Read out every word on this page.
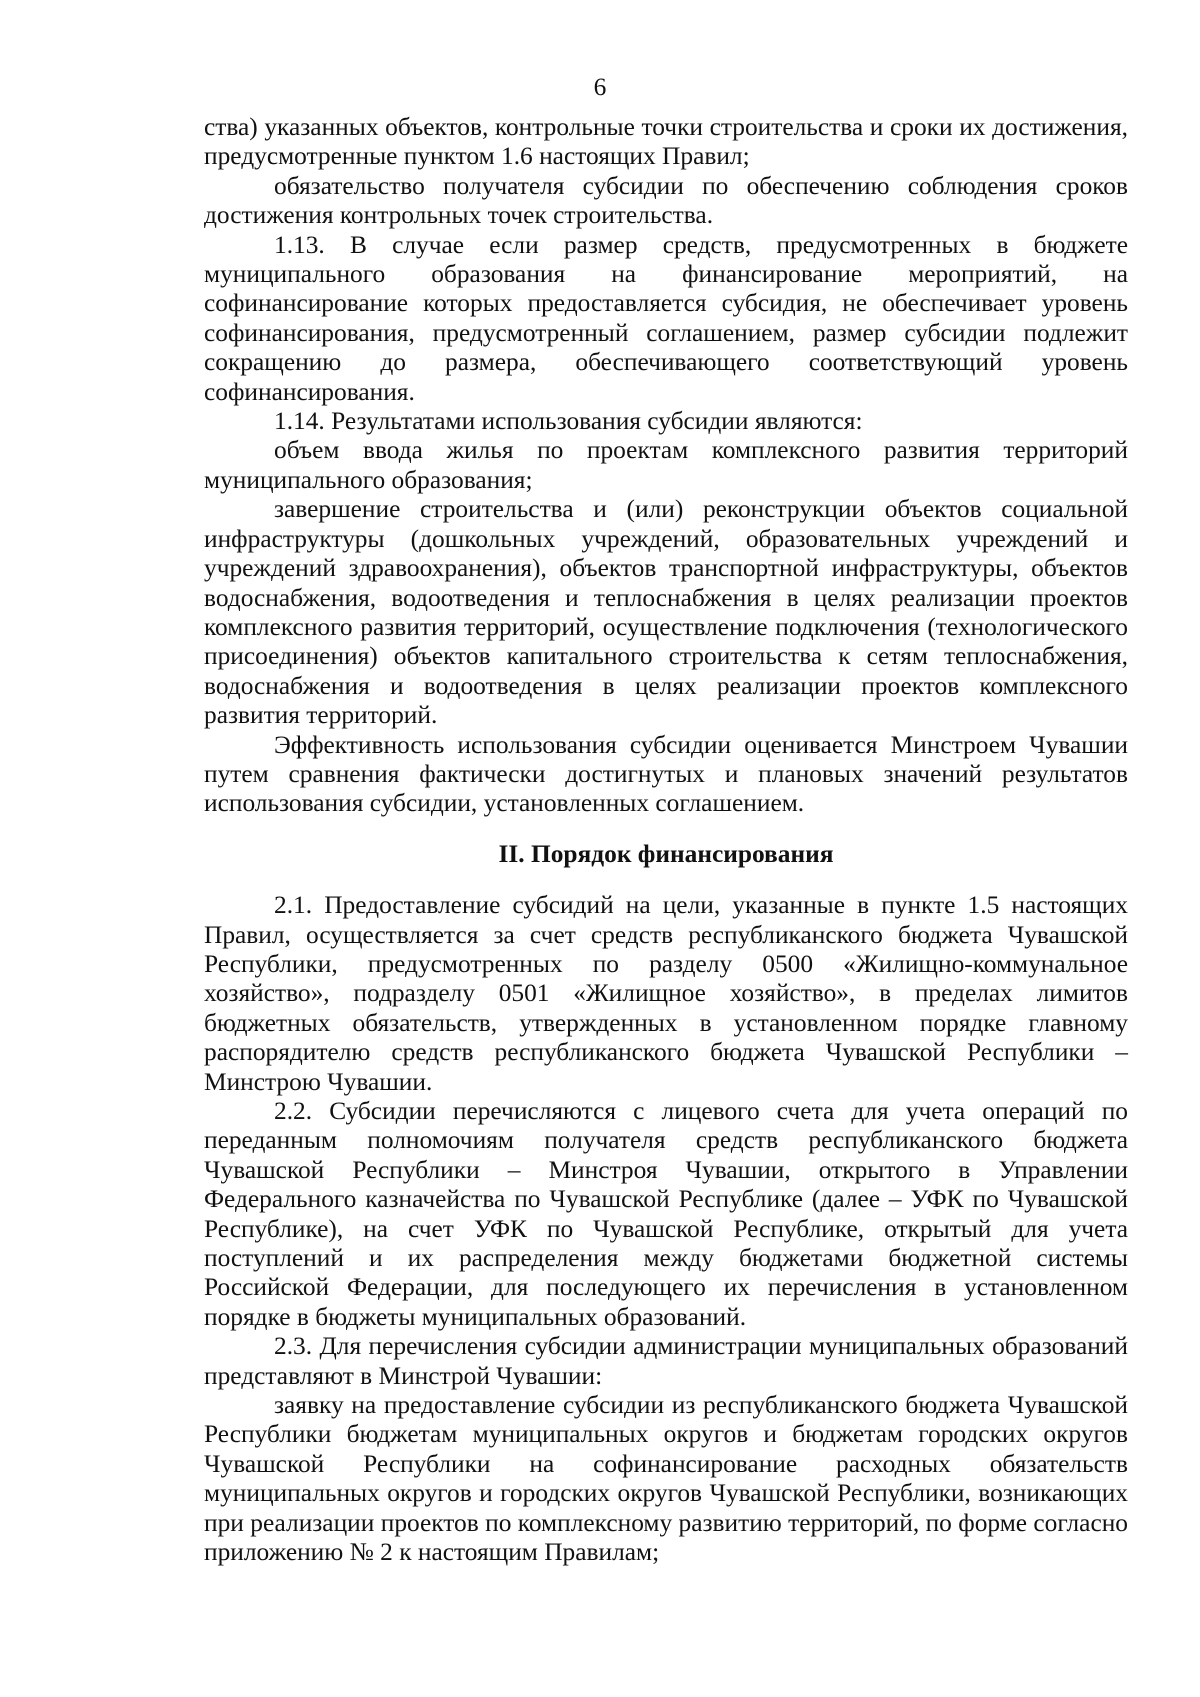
6

ства) указанных объектов, контрольные точки строительства и сроки их достижения, предусмотренные пунктом 1.6 настоящих Правил;

обязательство получателя субсидии по обеспечению соблюдения сроков достижения контрольных точек строительства.

1.13. В случае если размер средств, предусмотренных в бюджете муниципального образования на финансирование мероприятий, на софинансирование которых предоставляется субсидия, не обеспечивает уровень софинансирования, предусмотренный соглашением, размер субсидии подлежит сокращению до размера, обеспечивающего соответствующий уровень софинансирования.

1.14. Результатами использования субсидии являются:

объем ввода жилья по проектам комплексного развития территорий муниципального образования;

завершение строительства и (или) реконструкции объектов социальной инфраструктуры (дошкольных учреждений, образовательных учреждений и учреждений здравоохранения), объектов транспортной инфраструктуры, объектов водоснабжения, водоотведения и теплоснабжения в целях реализации проектов комплексного развития территорий, осуществление подключения (технологического присоединения) объектов капитального строительства к сетям теплоснабжения, водоснабжения и водоотведения в целях реализации проектов комплексного развития территорий.

Эффективность использования субсидии оценивается Минстроем Чувашии путем сравнения фактически достигнутых и плановых значений результатов использования субсидии, установленных соглашением.

II. Порядок финансирования

2.1. Предоставление субсидий на цели, указанные в пункте 1.5 настоящих Правил, осуществляется за счет средств республиканского бюджета Чувашской Республики, предусмотренных по разделу 0500 «Жилищно-коммунальное хозяйство», подразделу 0501 «Жилищное хозяйство», в пределах лимитов бюджетных обязательств, утвержденных в установленном порядке главному распорядителю средств республиканского бюджета Чувашской Республики – Минстрою Чувашии.

2.2. Субсидии перечисляются с лицевого счета для учета операций по переданным полномочиям получателя средств республиканского бюджета Чувашской Республики – Минстроя Чувашии, открытого в Управлении Федерального казначейства по Чувашской Республике (далее – УФК по Чувашской Республике), на счет УФК по Чувашской Республике, открытый для учета поступлений и их распределения между бюджетами бюджетной системы Российской Федерации, для последующего их перечисления в установленном порядке в бюджеты муниципальных образований.

2.3. Для перечисления субсидии администрации муниципальных образований представляют в Минстрой Чувашии:

заявку на предоставление субсидии из республиканского бюджета Чувашской Республики бюджетам муниципальных округов и бюджетам городских округов Чувашской Республики на софинансирование расходных обязательств муниципальных округов и городских округов Чувашской Республики, возникающих при реализации проектов по комплексному развитию территорий, по форме согласно приложению № 2 к настоящим Правилам;
